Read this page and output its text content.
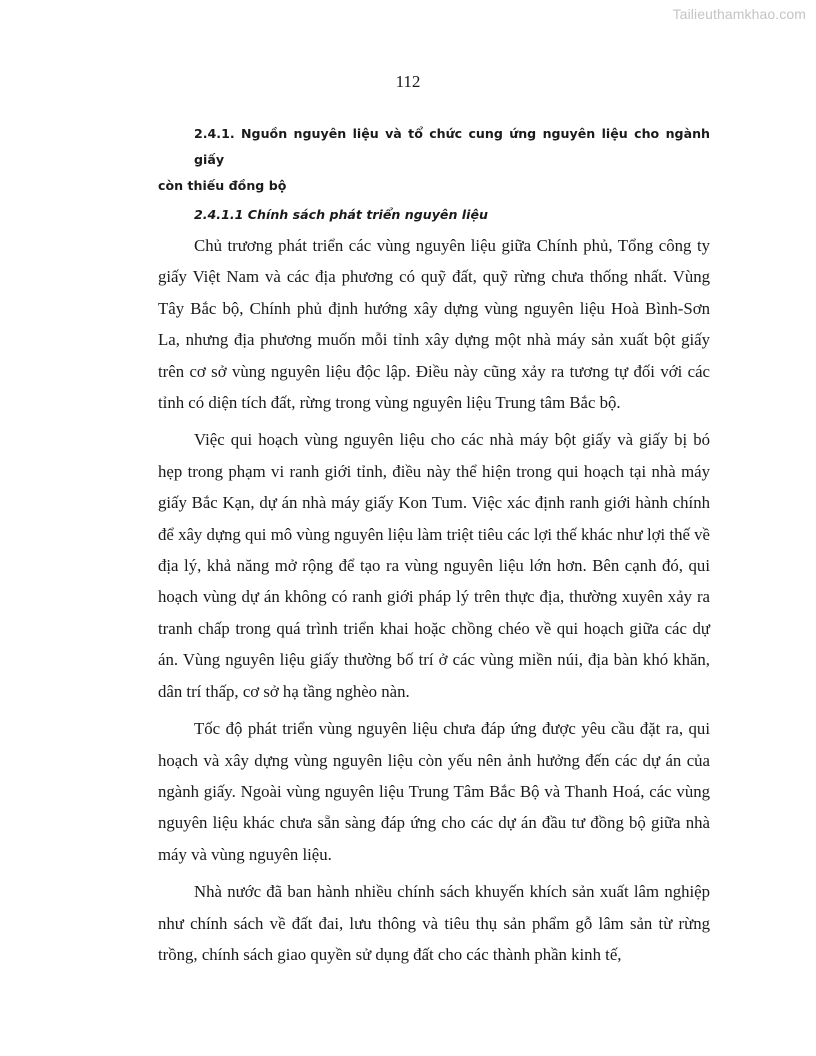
Tailieuthamkhao.com
112
2.4.1. Nguồn nguyên liệu và tổ chức cung ứng nguyên liệu cho ngành giấy
còn thiếu đồng bộ
2.4.1.1 Chính sách phát triển nguyên liệu

Chủ trương phát triển các vùng nguyên liệu giữa Chính phủ, Tổng công ty giấy Việt Nam và các địa phương có quỹ đất, quỹ rừng chưa thống nhất. Vùng Tây Bắc bộ, Chính phủ định hướng xây dựng vùng nguyên liệu Hoà Bình-Sơn La, nhưng địa phương muốn mỗi tỉnh xây dựng một nhà máy sản xuất bột giấy trên cơ sở vùng nguyên liệu độc lập. Điều này cũng xảy ra tương tự đối với các tỉnh có diện tích đất, rừng trong vùng nguyên liệu Trung tâm Bắc bộ.

Việc qui hoạch vùng nguyên liệu cho các nhà máy bột giấy và giấy bị bó hẹp trong phạm vi ranh giới tỉnh, điều này thể hiện trong qui hoạch tại nhà máy giấy Bắc Kạn, dự án nhà máy giấy Kon Tum. Việc xác định ranh giới hành chính để xây dựng qui mô vùng nguyên liệu làm triệt tiêu các lợi thế khác như lợi thế về địa lý, khả năng mở rộng để tạo ra vùng nguyên liệu lớn hơn. Bên cạnh đó, qui hoạch vùng dự án không có ranh giới pháp lý trên thực địa, thường xuyên xảy ra tranh chấp trong quá trình triển khai hoặc chồng chéo về qui hoạch giữa các dự án. Vùng nguyên liệu giấy thường bố trí ở các vùng miền núi, địa bàn khó khăn, dân trí thấp, cơ sở hạ tầng nghèo nàn.

Tốc độ phát triển vùng nguyên liệu chưa đáp ứng được yêu cầu đặt ra, qui hoạch và xây dựng vùng nguyên liệu còn yếu nên ảnh hưởng đến các dự án của ngành giấy. Ngoài vùng nguyên liệu Trung Tâm Bắc Bộ và Thanh Hoá, các vùng nguyên liệu khác chưa sẵn sàng đáp ứng cho các dự án đầu tư đồng bộ giữa nhà máy và vùng nguyên liệu.

Nhà nước đã ban hành nhiều chính sách khuyến khích sản xuất lâm nghiệp như chính sách về đất đai, lưu thông và tiêu thụ sản phẩm gỗ lâm sản từ rừng trồng, chính sách giao quyền sử dụng đất cho các thành phần kinh tế,
